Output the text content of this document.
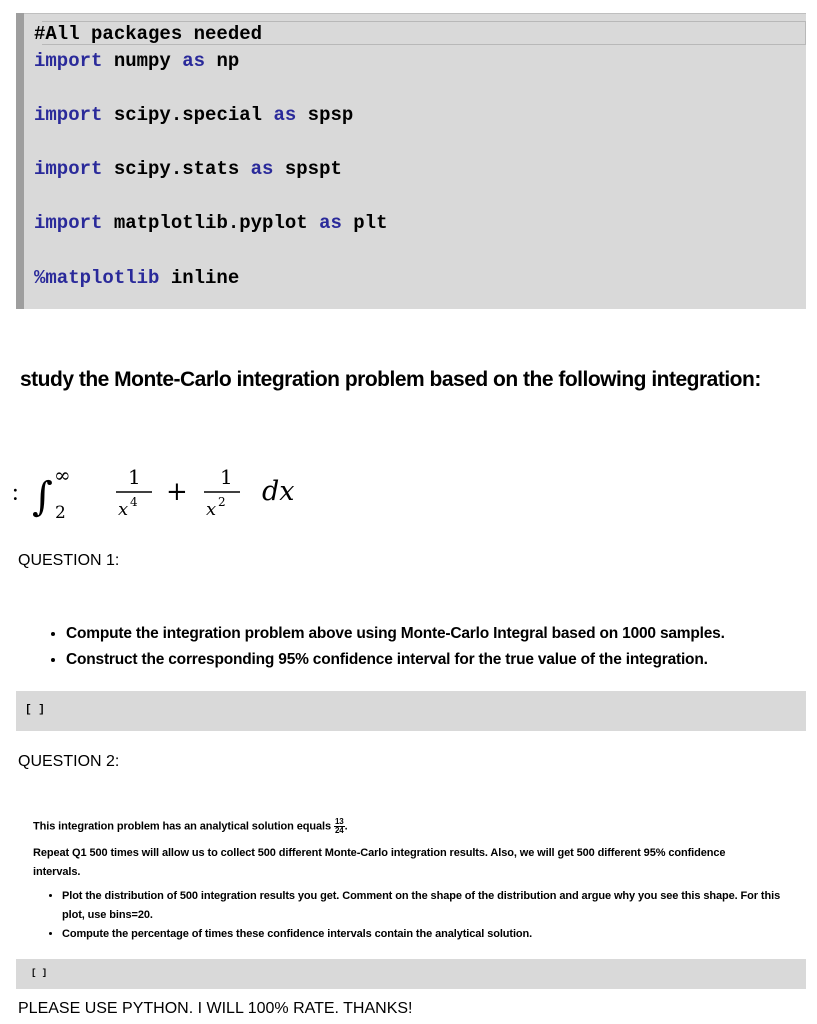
#All packages needed
import numpy as np
import scipy.special as spsp
import scipy.stats as spspt
import matplotlib.pyplot as plt
%matplotlib inline
study the Monte-Carlo integration problem based on the following integration:
: ∫ ∞
2
1
x 4 + 1
x 2 dx
QUESTION 1:
• Compute the integration problem above using Monte-Carlo Integral based on 1000 samples.
• Construct the corresponding 95% confidence interval for the true value of the integration.
[ ]
QUESTION 2:
This integration problem has an analytical solution equals $\frac{13}{24}$ .
Repeat Q1 500 times will allow us to collect 500 different Monte-Carlo integration results. Also, we will get 500 different 95% confidence intervals.
• Plot the distribution of 500 integration results you get. Comment on the shape of the distribution and argue why you see this shape. For this plot, use bins=20.
• Compute the percentage of times these confidence intervals contain the analytical solution.
[ ]
PLEASE USE PYTHON. I WILL 100% RATE. THANKS!
